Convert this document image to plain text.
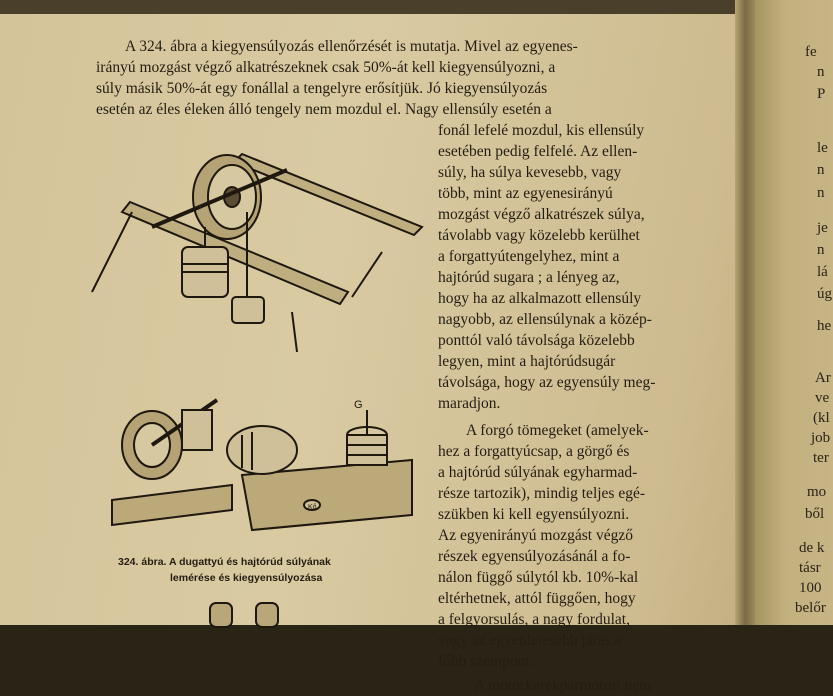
A 324. ábra a kiegyensúlyozás ellenőrzését is mutatja. Mivel az egyenes-
irányú mozgást végző alkatrészeknek csak 50%-át kell kiegyensúlyozni, a
súly másik 50%-át egy fonállal a tengelyre erősítjük. Jó kiegyensúlyozás
esetén az éles éleken álló tengely nem mozdul el. Nagy ellensúly esetén a
fonál lefelé mozdul, kis ellensúly
esetében pedig felfelé. Az ellen-
súly, ha súlya kevesebb, vagy
több, mint az egyenesirányú
mozgást végző alkatrészek súlya,
távolabb vagy közelebb kerülhet
a forgattyútengelyhez, mint a
hajtórúd sugara ; a lényeg az,
hogy ha az alkalmazott ellensúly
nagyobb, az ellensúlynak a közép-
ponttól való távolsága közelebb
legyen, mint a hajtórúdsugár
távolsága, hogy az egyensúly meg-
maradjon.
A forgó tömegeket (amelyek-
hez a forgattyúcsap, a görgő és
a hajtórúd súlyának egyharmad-
része tartozik), mindig teljes egé-
szükben ki kell egyensúlyozni.
Az egyenirányú mozgást végző
részek egyensúlyozásánál a fo-
nálon függő súlytól kb. 10%-kal
eltérhetnek, attól függően, hogy
a felgyorsulás, a nagy fordulat,
vagy az egyenletesebb járás a
főbb szempont.
A motorkerékpármotort nem
G
Kő
324. ábra. A dugattyú és hajtórúd súlyának
lemérése és kiegyensúlyozása
fe
n
P
le
n
n
je
n
lá
úg
he
Ar
ve
(kl
job
ter
mo
ből
de k
tásr
100
belőr
